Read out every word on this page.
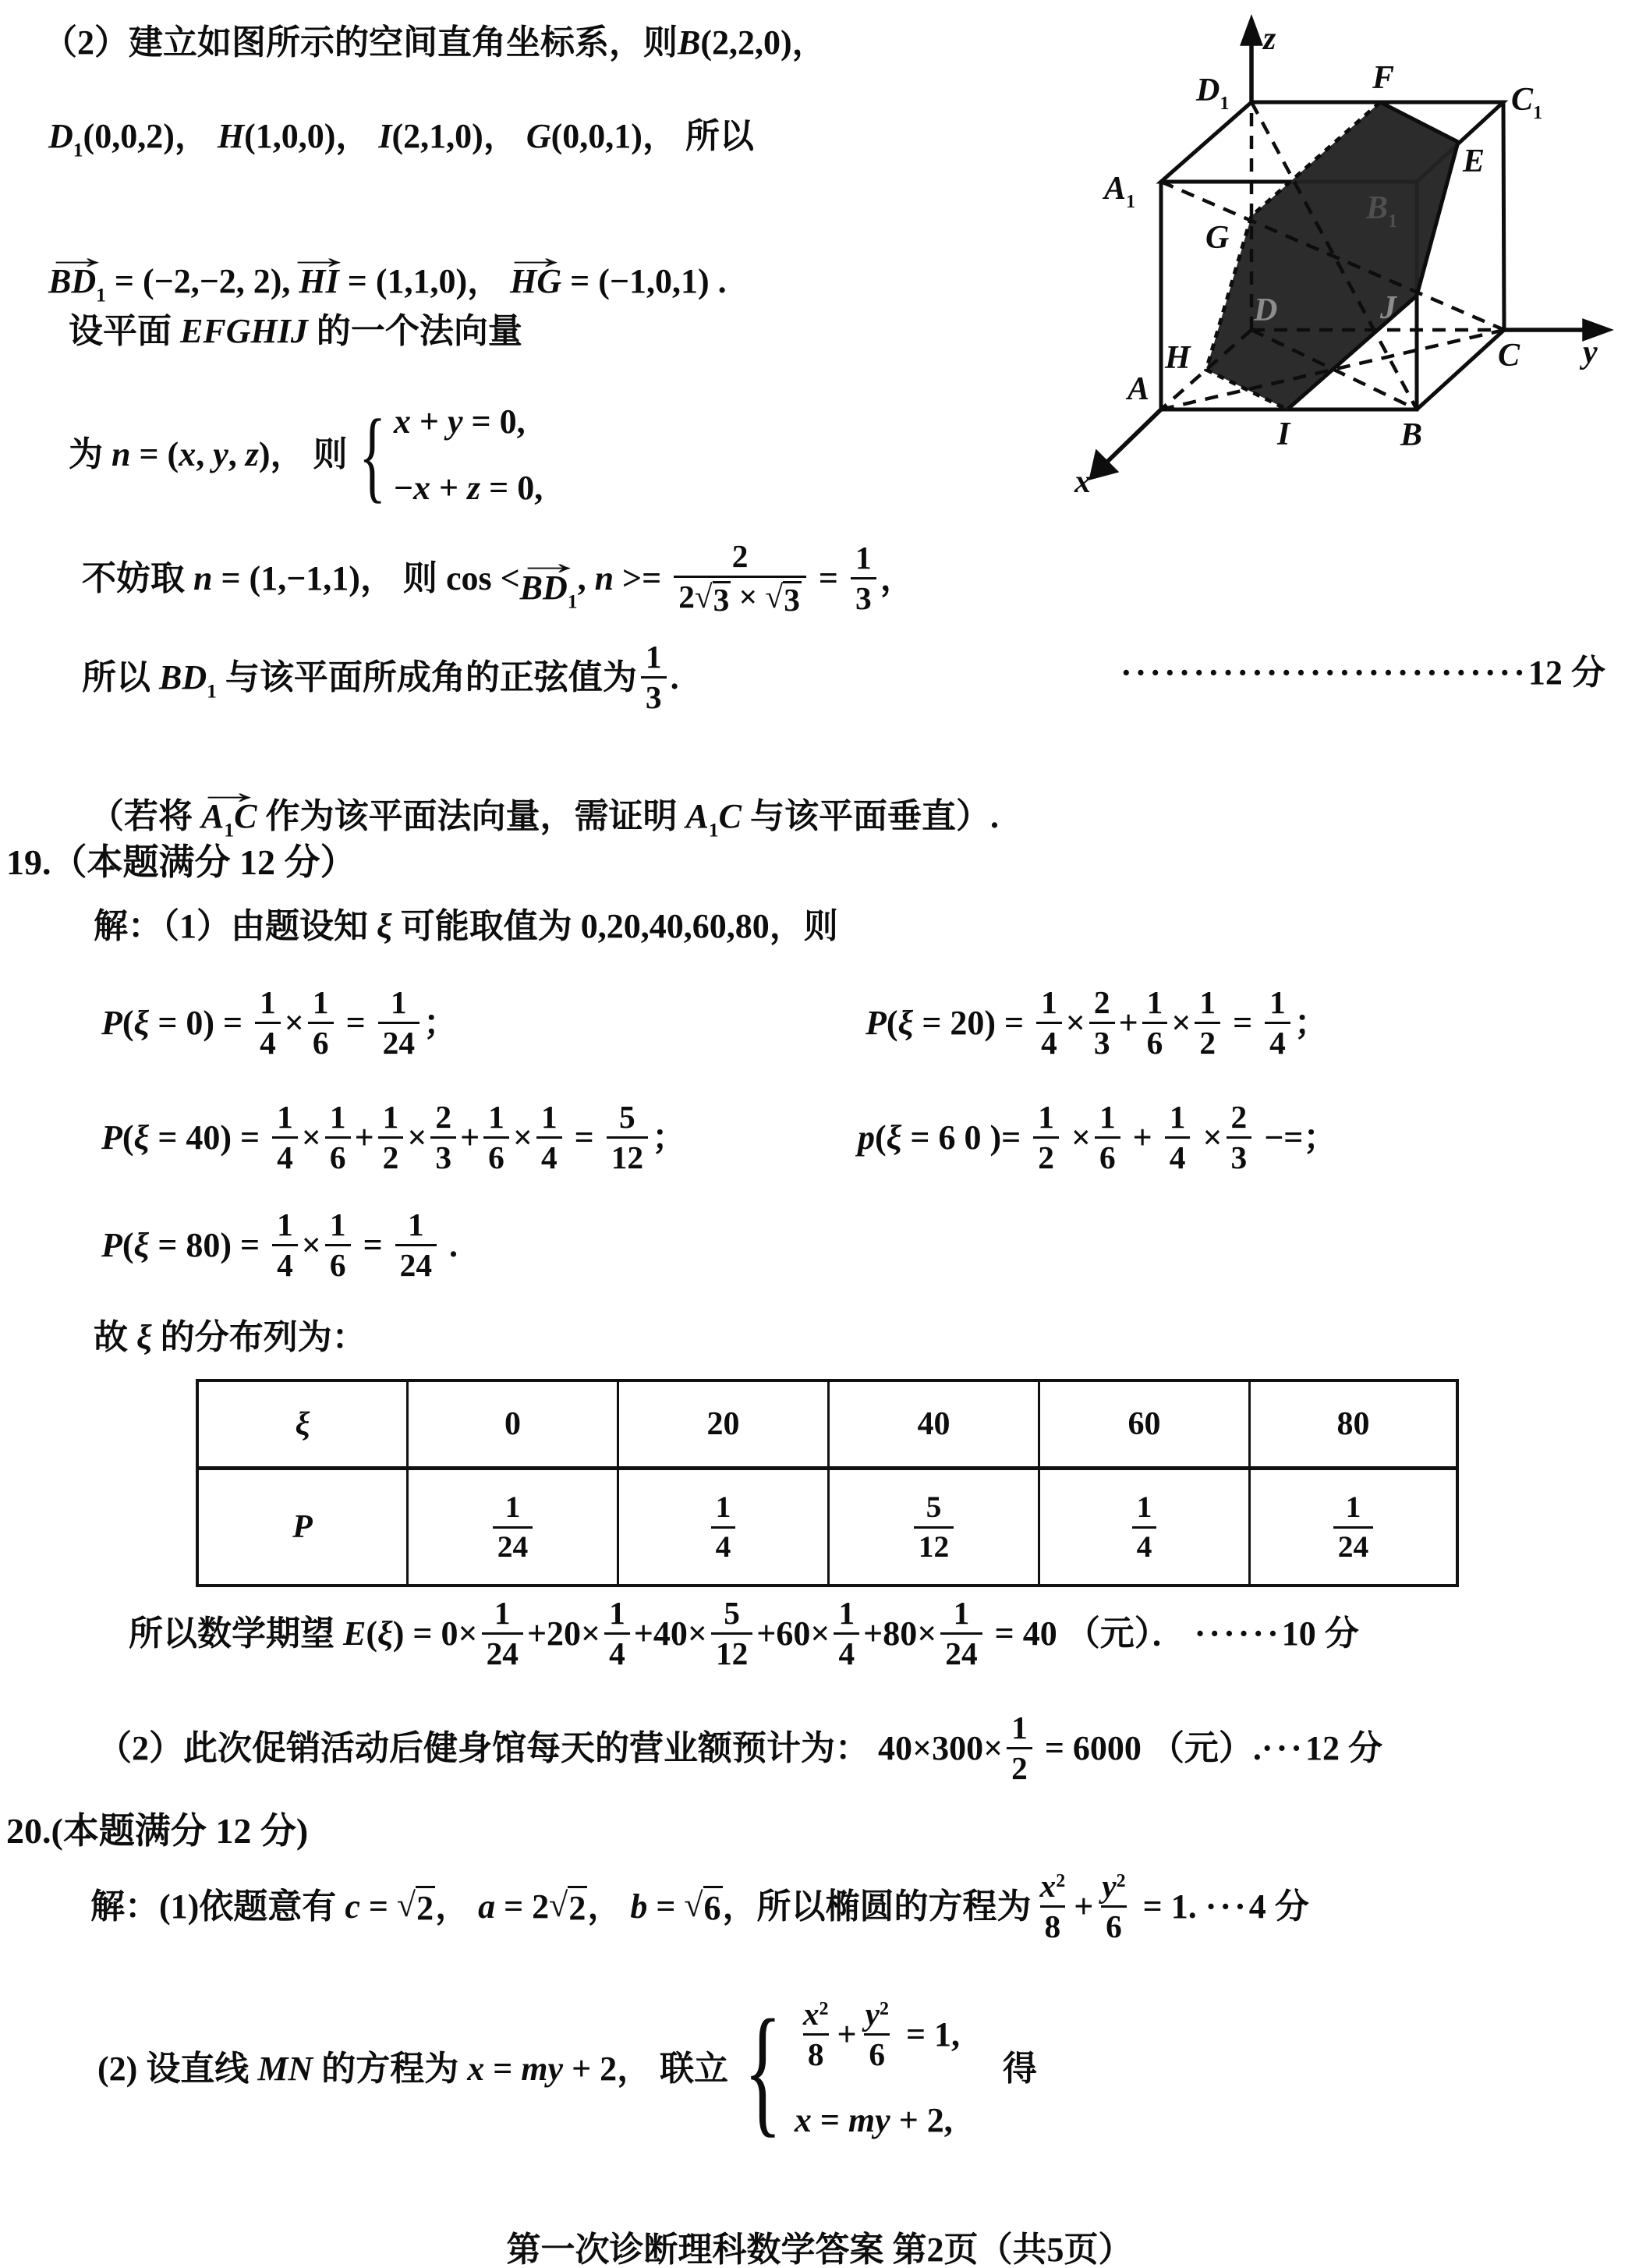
z
$D_1$
F
$C_1$
E
$A_1$	$B_1$
G
D	J
H	C y
A
I	B
x
ξ	0	20	40	60	80
P	$\frac{1}{24}$	$\frac{1}{4}$	$\frac{5}{12}$	$\frac{1}{4}$	$\frac{1}{24}$
（2）建立如图所示的空间直角坐标系，则B(2,2,0)，
$D_1(0,0,2)$， H(1,0,0)， I(2,1,0)， G(0,0,1)， 所以
$BD_1$ → = (−2,−2, 2), HI → = (1,1,0)， HG → = (−1,0,1) .
设平面 EFGHIJ 的一个法向量
为 n = ( x , y , z ) ， 则
{ x + y = 0,
− x + z = 0,
不妨取 n = (1,−1,1) ， 则 $\cos < BD_1$ →
, $n >= \frac{2}{2 √ 3 \times √ 3} = \frac{1}{3}$ ，
所以 $BD_1$ 与该平面所成角的正弦值为 $\frac{1}{3}$ .	····························12 分
（若将 $A_1C$ → 作为该平面法向量，需证明 $A_1C$ 与该平面垂直）.
19.（本题满分 12 分）
解：（1）由题设知 ξ 可能取值为 0,20,40,60,80，则
P ( $\xi = 0) = \frac{1}{4} \times \frac{1}{6} = \frac{1}{24}$ ；	P ( $\xi = 20) = \frac{1}{4} \times \frac{2}{3} + \frac{1}{6} \times \frac{1}{2} = \frac{1}{4}$ ；
P ( $\xi = 40) = \frac{1}{4} \times \frac{1}{6} + \frac{1}{2} \times \frac{2}{3} + \frac{1}{6} \times \frac{1}{4} = \frac{5}{12}$ ；	p ( ξ = 6 0 )= $\frac{1}{2} \times \frac{1}{6} + \frac{1}{4} \times \frac{2}{3}$ −= ；
P ( $\xi = 80) = \frac{1}{4} \times \frac{1}{6} = \frac{1}{24}$ .
故 ξ 的分布列为：
所以数学期望 E ( ξ ) = $0\times \frac{1}{24} +20\times \frac{1}{4} +40\times \frac{5}{12} +60\times \frac{1}{4} +80\times \frac{1}{24} = 40$ （元）． ······ 10 分
（2）此次促销活动后健身馆每天的营业额预计为： $40\times 300\times \frac{1}{2} = 6000$ （元） . ··· 12 分
20.(本题满分 12 分)
解： (1) 依题意有 c = √ 2 ， a = 2 √ 2 ， b = √ 6 ，所以椭圆的方程为 $\frac{x^2}{8} + \frac{y^2}{6} = 1$. ··· 4 分
(2) 设直线 MN 的方程为 x = my + 2 ， 联立 { $\frac{x^2}{8} + \frac{y^2}{6} = 1$,
x = my + 2,
得
第一次诊断理科数学答案 第2页（共5页）
